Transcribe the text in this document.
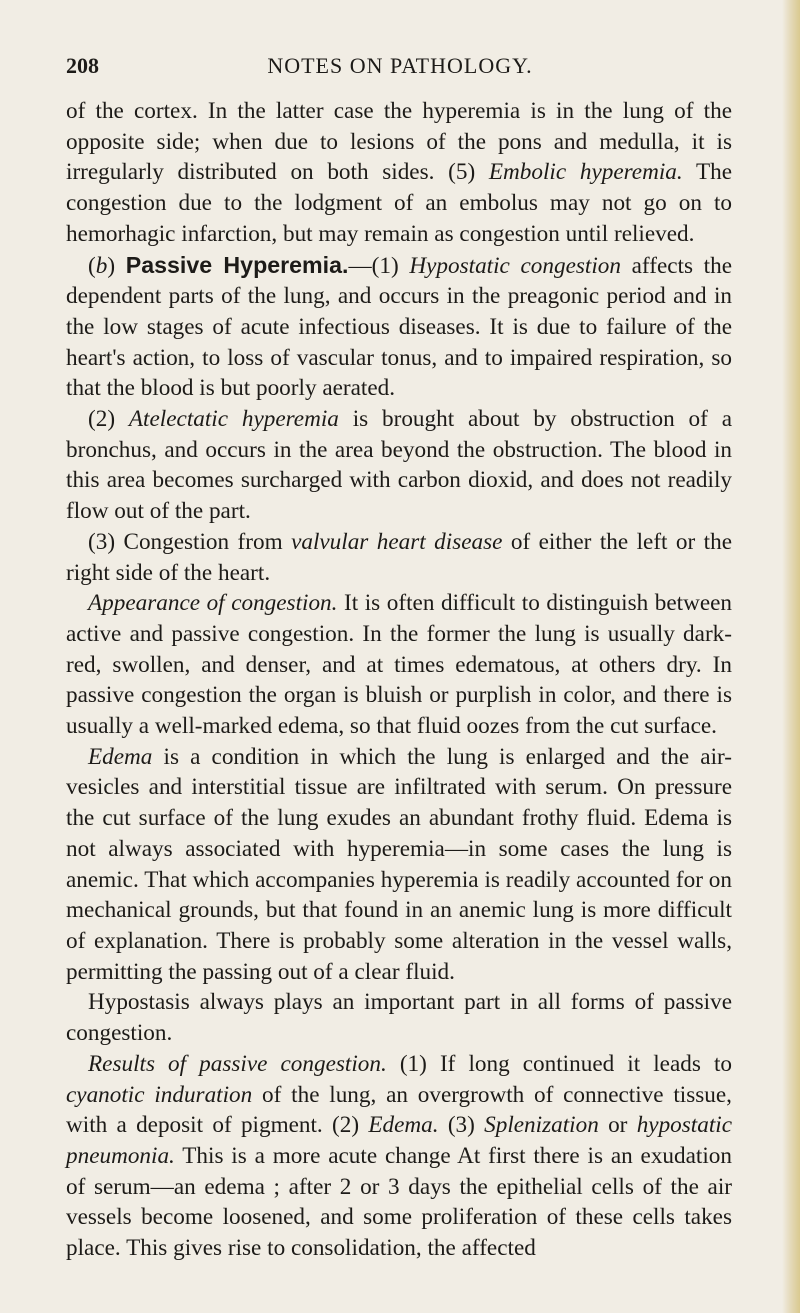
208	NOTES ON PATHOLOGY.

of the cortex. In the latter case the hyperemia is in the lung of the opposite side; when due to lesions of the pons and medulla, it is irregularly distributed on both sides. (5) Embolic hyperemia. The congestion due to the lodgment of an embolus may not go on to hemorhagic infarction, but may remain as congestion until relieved.

(b) Passive Hyperemia.—(1) Hypostatic congestion affects the dependent parts of the lung, and occurs in the preagonic period and in the low stages of acute infectious diseases. It is due to failure of the heart's action, to loss of vascular tonus, and to impaired respiration, so that the blood is but poorly aerated.

(2) Atelectatic hyperemia is brought about by obstruction of a bronchus, and occurs in the area beyond the obstruction. The blood in this area becomes surcharged with carbon dioxid, and does not readily flow out of the part.

(3) Congestion from valvular heart disease of either the left or the right side of the heart.

Appearance of congestion. It is often difficult to distinguish between active and passive congestion. In the former the lung is usually dark-red, swollen, and denser, and at times edematous, at others dry. In passive congestion the organ is bluish or purplish in color, and there is usually a well-marked edema, so that fluid oozes from the cut surface.

Edema is a condition in which the lung is enlarged and the air-vesicles and interstitial tissue are infiltrated with serum. On pressure the cut surface of the lung exudes an abundant frothy fluid. Edema is not always associated with hyperemia—in some cases the lung is anemic. That which accompanies hyperemia is readily accounted for on mechanical grounds, but that found in an anemic lung is more difficult of explanation. There is probably some alteration in the vessel walls, permitting the passing out of a clear fluid.

Hypostasis always plays an important part in all forms of passive congestion.

Results of passive congestion. (1) If long continued it leads to cyanotic induration of the lung, an overgrowth of connective tissue, with a deposit of pigment. (2) Edema. (3) Splenization or hypostatic pneumonia. This is a more acute change At first there is an exudation of serum—an edema ; after 2 or 3 days the epithelial cells of the air vessels become loosened, and some proliferation of these cells takes place. This gives rise to consolidation, the affected
